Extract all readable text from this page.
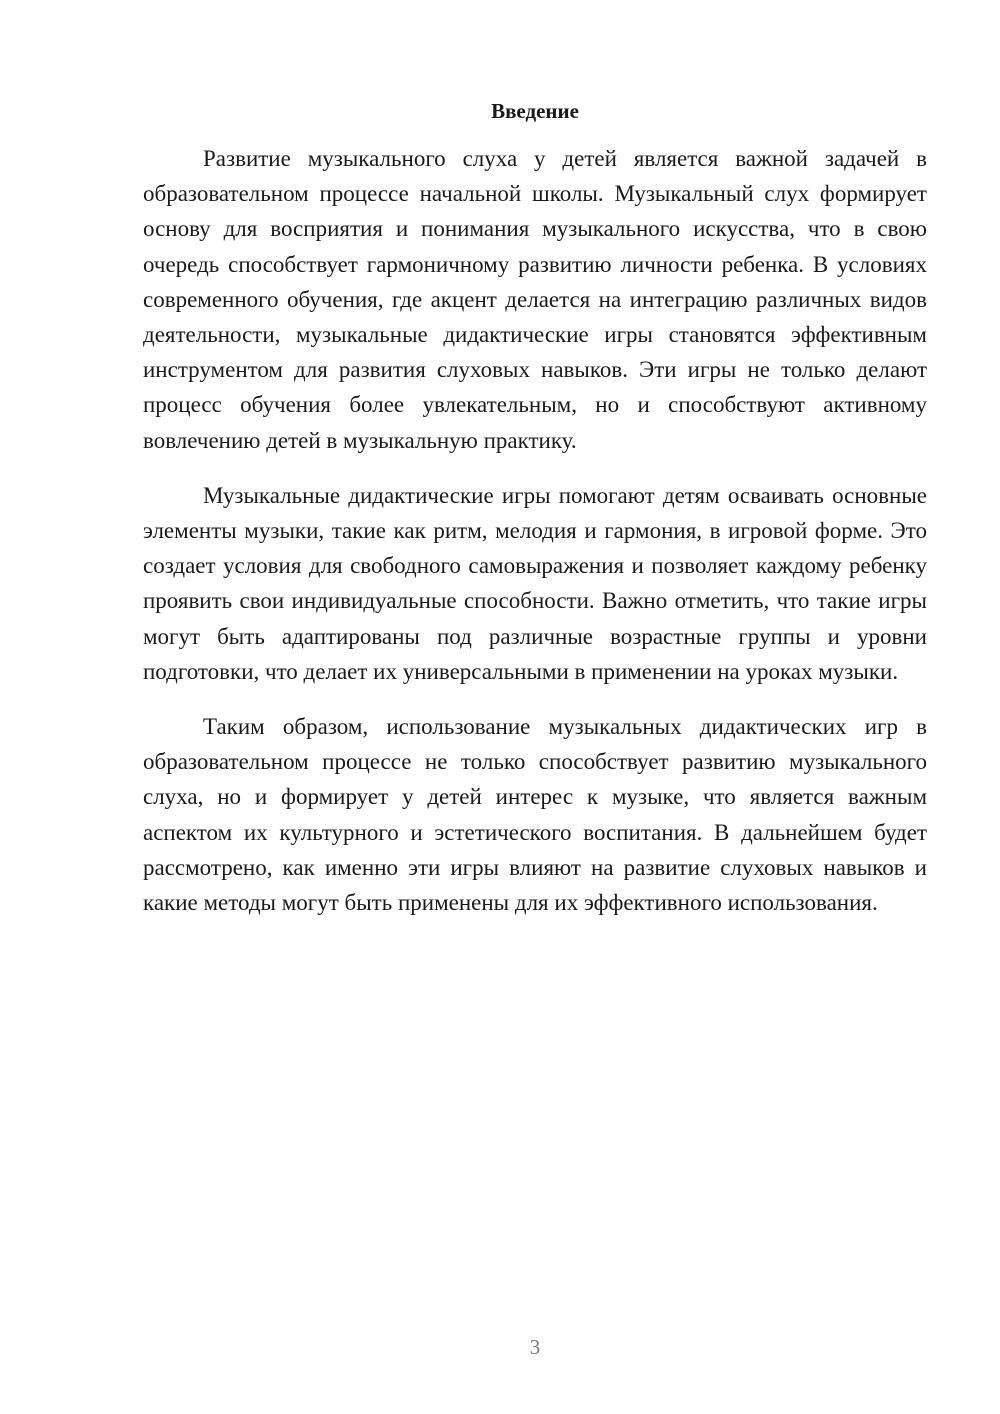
Введение

Развитие музыкального слуха у детей является важной задачей в образовательном процессе начальной школы. Музыкальный слух формирует основу для восприятия и понимания музыкального искусства, что в свою очередь способствует гармоничному развитию личности ребенка. В условиях современного обучения, где акцент делается на интеграцию различных видов деятельности, музыкальные дидактические игры становятся эффективным инструментом для развития слуховых навыков. Эти игры не только делают процесс обучения более увлекательным, но и способствуют активному вовлечению детей в музыкальную практику.

Музыкальные дидактические игры помогают детям осваивать основные элементы музыки, такие как ритм, мелодия и гармония, в игровой форме. Это создает условия для свободного самовыражения и позволяет каждому ребенку проявить свои индивидуальные способности. Важно отметить, что такие игры могут быть адаптированы под различные возрастные группы и уровни подготовки, что делает их универсальными в применении на уроках музыки.

Таким образом, использование музыкальных дидактических игр в образовательном процессе не только способствует развитию музыкального слуха, но и формирует у детей интерес к музыке, что является важным аспектом их культурного и эстетического воспитания. В дальнейшем будет рассмотрено, как именно эти игры влияют на развитие слуховых навыков и какие методы могут быть применены для их эффективного использования.

3
